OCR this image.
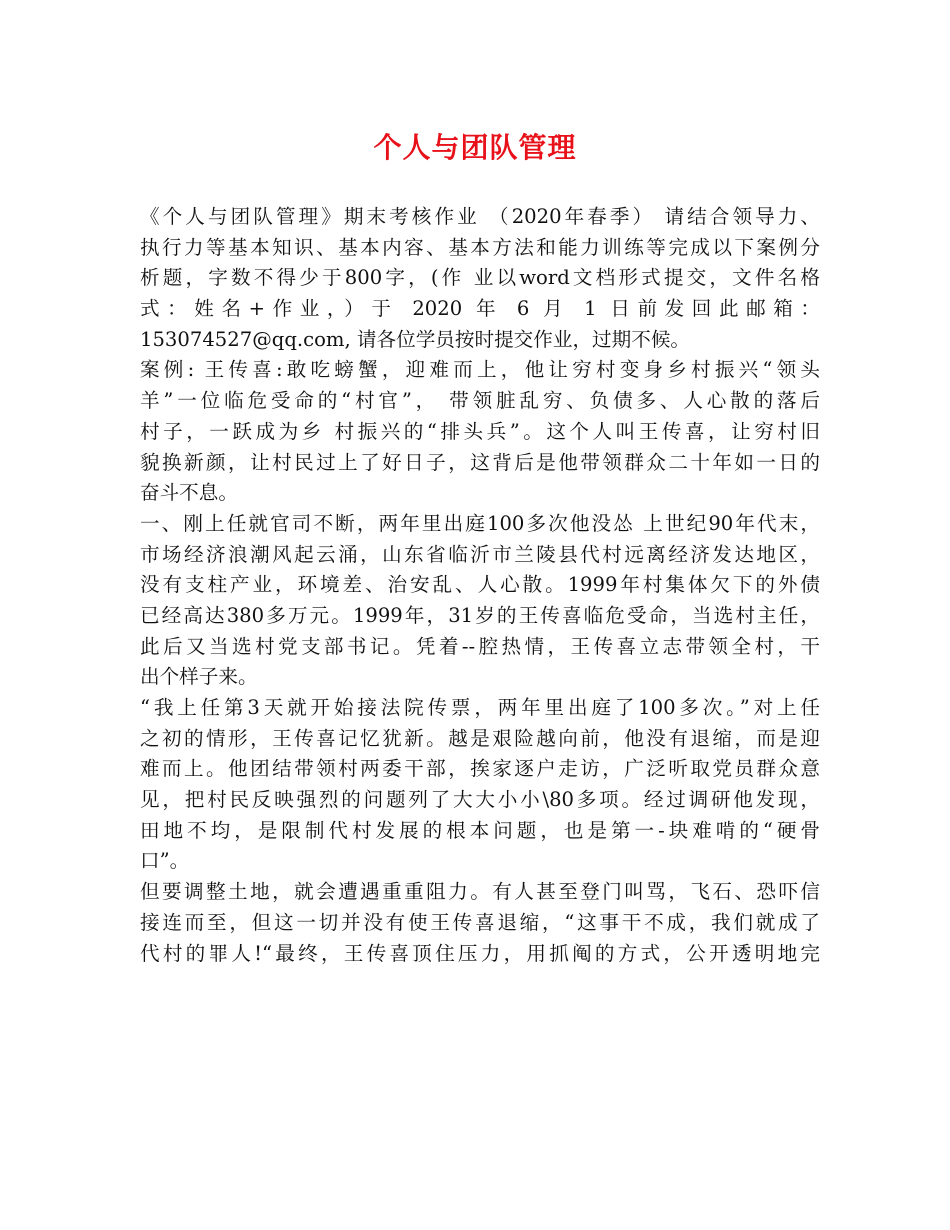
个人与团队管理
《个人与团队管理》期末考核作业 （2020年春季） 请结合领导力、
执行力等基本知识、基本内容、基本方法和能力训练等完成以下案例分
析题，字数不得少于800字，(作 业以word文档形式提交，文件名格
式：姓名+作业，）于 2020 年 6 月 1 日前发回此邮箱：
153074527@qq.com, 请各位学员按时提交作业，过期不候。
案例: 王传喜:敢吃螃蟹，迎难而上，他让穷村变身乡村振兴“领头
羊”一位临危受命的“村官”， 带领脏乱穷、负债多、人心散的落后
村子，一跃成为乡 村振兴的“排头兵”。这个人叫王传喜，让穷村旧
貌换新颜，让村民过上了好日子，这背后是他带领群众二十年如一日的
奋斗不息。
一、刚上任就官司不断，两年里出庭100多次他没怂 上世纪90年代末，
市场经济浪潮风起云涌，山东省临沂市兰陵县代村远离经济发达地区，
没有支柱产业，环境差、治安乱、人心散。1999年村集体欠下的外债
已经高达380多万元。1999年，31岁的王传喜临危受命，当选村主任，
此后又当选村党支部书记。凭着--腔热情，王传喜立志带领全村，干
出个样子来。
“我上任第3天就开始接法院传票，两年里出庭了100多次。”对上任
之初的情形，王传喜记忆犹新。越是艰险越向前，他没有退缩，而是迎
难而上。他团结带领村两委干部，挨家逐户走访，广泛听取党员群众意
见，把村民反映强烈的问题列了大大小小\80多项。经过调研他发现，
田地不均，是限制代村发展的根本问题，也是第一-块难啃的“硬骨
口”。
但要调整土地，就会遭遇重重阻力。有人甚至登门叫骂，飞石、恐吓信
接连而至，但这一切并没有使王传喜退缩，“这事干不成，我们就成了
代村的罪人!“最终，王传喜顶住压力，用抓阄的方式，公开透明地完
